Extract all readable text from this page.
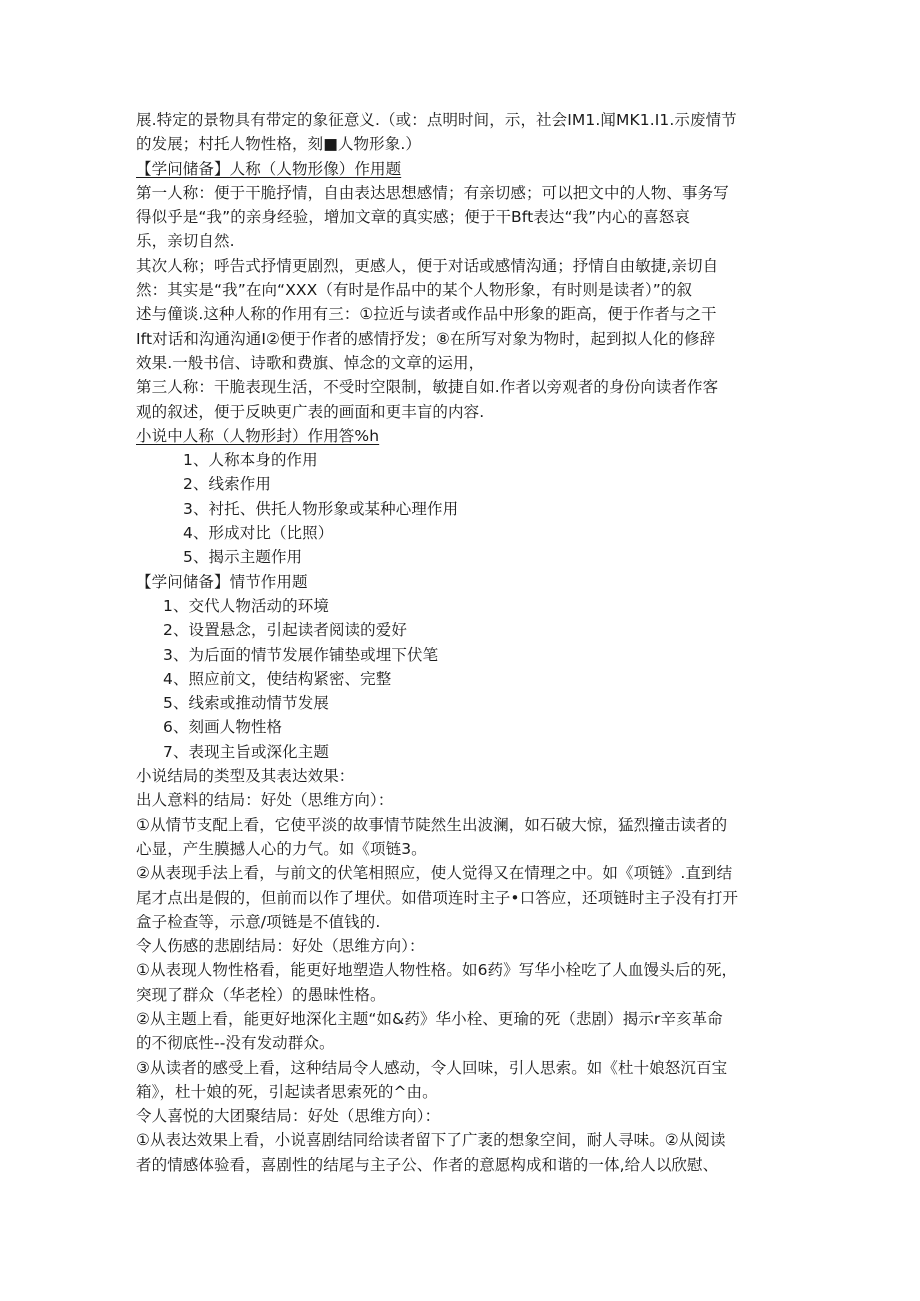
展.特定的景物具有带定的象征意义.（或：点明时间，示，社会IM1.闻MK1.I1.示废情节
的发展；村托人物性格，刻■人物形象.）
【学问储备】人称（人物形像）作用题
第一人称：便于干脆抒情，自由表达思想感情；有亲切感；可以把文中的人物、事务写
得似乎是“我”的亲身经验，增加文章的真实感；便于干Bft表达“我”内心的喜怒哀
乐，亲切自然.
其次人称；呼告式抒情更剧烈，更感人，便于对话或感情沟通；抒情自由敏捷,亲切自
然：其实是“我”在向“XXX（有时是作品中的某个人物形象，有时则是读者）”的叙
述与僮谈.这种人称的作用有三：①拉近与读者或作品中形象的距高，便于作者与之干
Ift对话和沟通沟通I②便于作者的感情抒发；⑧在所写对象为物时，起到拟人化的修辞
效果.一般书信、诗歌和费旗、悼念的文章的运用，
第三人称：干脆表现生活，不受时空限制，敏捷自如.作者以旁观者的身份向读者作客
观的叙述，便于反映更广表的画面和更丰盲的内容.
小说中人称（人物形封）作用答%h
1、人称本身的作用
2、线索作用
3、衬托、供托人物形象或某种心理作用
4、形成对比（比照）
5、揭示主题作用
【学问储备】情节作用题
1、交代人物活动的环境
2、设置悬念，引起读者阅读的爱好
3、为后面的情节发展作铺垫或埋下伏笔
4、照应前文，使结构紧密、完整
5、线索或推动情节发展
6、刻画人物性格
7、表现主旨或深化主题
小说结局的类型及其表达效果：
出人意料的结局：好处（思维方向）：
①从情节支配上看，它使平淡的故事情节陡然生出波澜，如石破大惊，猛烈撞击读者的
心显，产生膜撼人心的力气。如《项链3。
②从表现手法上看，与前文的伏笔相照应，使人觉得又在情理之中。如《项链》.直到结
尾才点出是假的，但前而以作了埋伏。如借项连时主子•口答应，还项链时主子没有打开
盒子检查等，示意/项链是不值钱的.
令人伤感的悲剧结局：好处（思维方向）：
①从表现人物性格看，能更好地塑造人物性格。如6药》写华小栓吃了人血馒头后的死，
突现了群众（华老栓）的愚昧性格。
②从主题上看，能更好地深化主题“如&药》华小栓、更瑜的死（悲剧）揭示r辛亥革命
的不彻底性--没有发动群众。
③从读者的感受上看，这种结局令人感动，令人回味，引人思索。如《杜十娘怒沉百宝
箱》，杜十娘的死，引起读者思索死的^由。
令人喜悦的大团聚结局：好处（思维方向）：
①从表达效果上看，小说喜剧结同给读者留下了广袤的想象空间，耐人寻味。②从阅读
者的情感体验看，喜剧性的结尾与主子公、作者的意愿构成和谐的一体,给人以欣慰、
